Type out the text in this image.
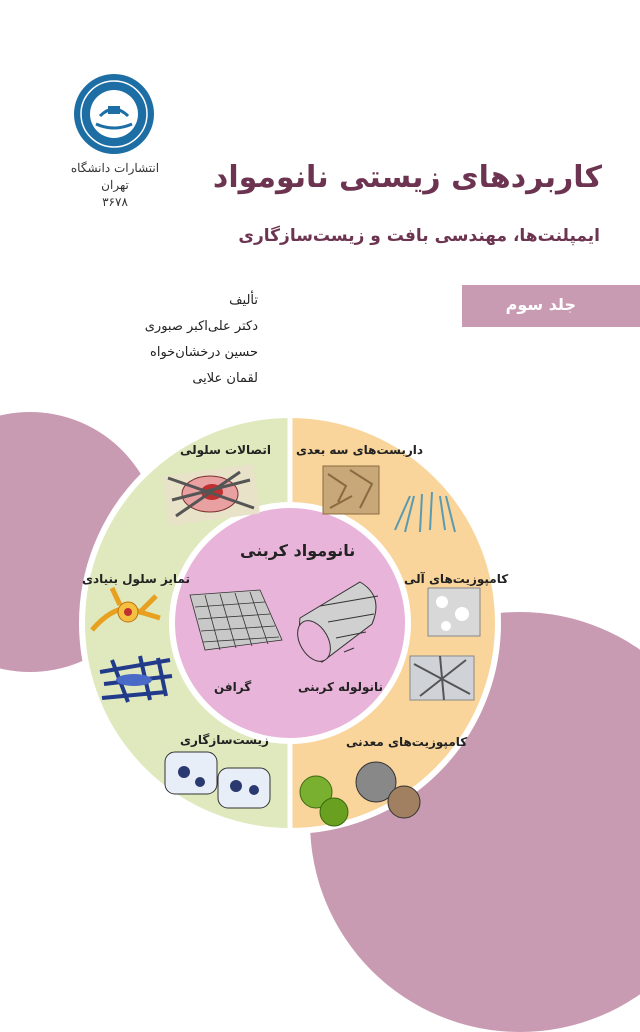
انتشارات دانشگاه تهران
۳۶۷۸
کاربردهای زیستی نانومواد
ایمپلنت‌ها، مهندسی بافت و زیست‌سازگاری
جلد سوم
تألیف
دکتر علی‌اکبر صبوری
حسین درخشان‌خواه
لقمان علایی
نانومواد کربنی
گرافن	نانولوله کربنی
اتصالات سلولی
تمایز سلول بنیادی
زیست‌سازگاری
داربست‌های سه بعدی
کامپوزیت‌های آلی
کامپوزیت‌های معدنی
